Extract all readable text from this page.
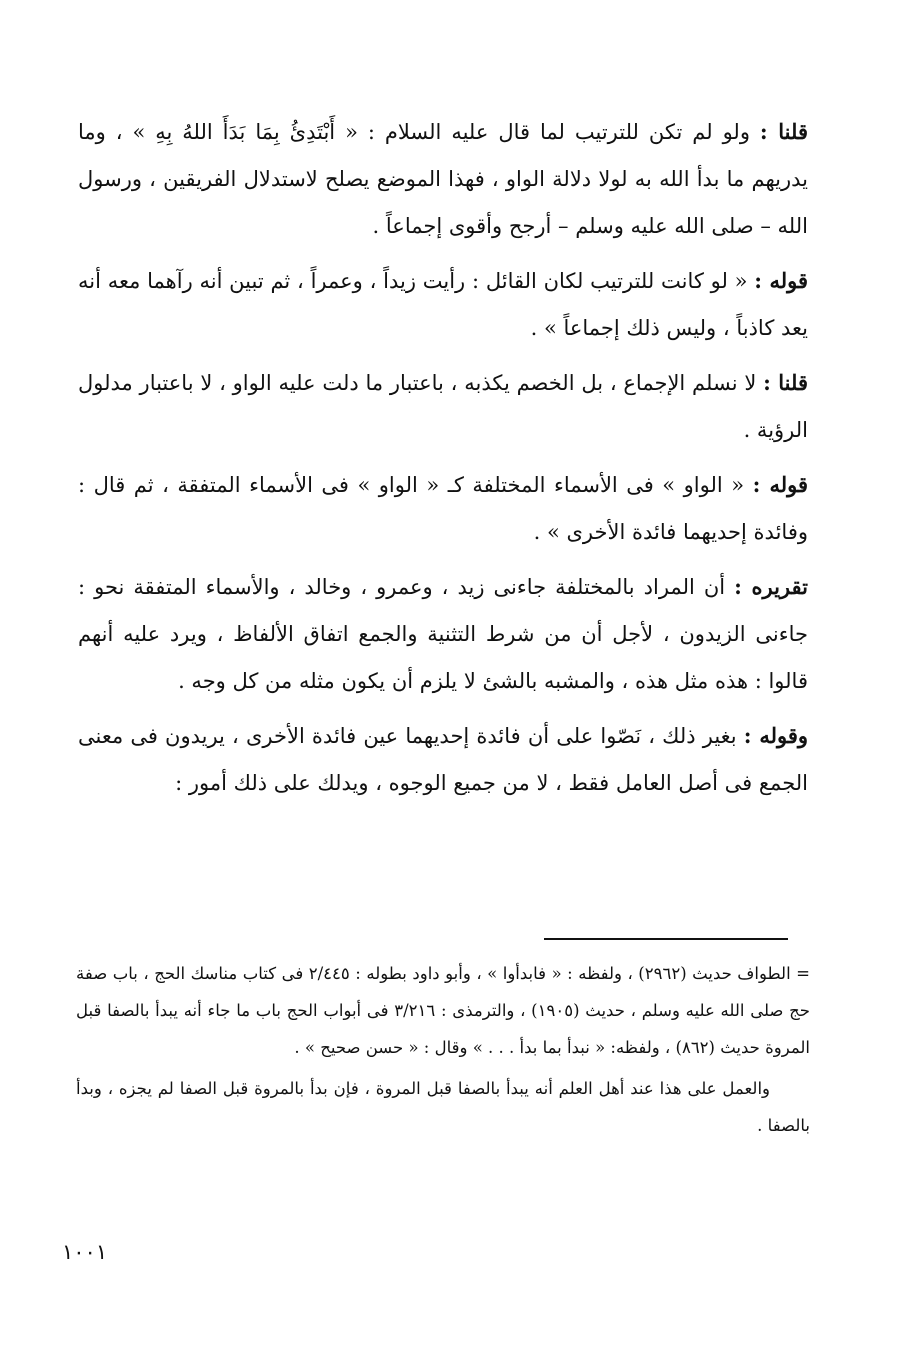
قلنا : ولو لم تكن للترتيب لما قال عليه السلام : « أَبْتَدِئُ بِمَا بَدَأَ اللهُ بِهِ » ، وما يدريهم ما بدأ الله به لولا دلالة الواو ، فهذا الموضع يصلح لاستدلال الفريقين ، ورسول الله – صلى الله عليه وسلم – أرجح وأقوى إجماعاً .

قوله : « لو كانت للترتيب لكان القائل : رأيت زيداً ، وعمراً ، ثم تبين أنه رآهما معه أنه يعد كاذباً ، وليس ذلك إجماعاً » .

قلنا : لا نسلم الإجماع ، بل الخصم يكذبه ، باعتبار ما دلت عليه الواو ، لا باعتبار مدلول الرؤية .

قوله : « الواو » فى الأسماء المختلفة كـ « الواو » فى الأسماء المتفقة ، ثم قال : وفائدة إحديهما فائدة الأخرى » .

تقريره : أن المراد بالمختلفة جاءنى زيد ، وعمرو ، وخالد ، والأسماء المتفقة نحو : جاءنى الزيدون ، لأجل أن من شرط التثنية والجمع اتفاق الألفاظ ، ويرد عليه أنهم قالوا : هذه مثل هذه ، والمشبه بالشئ لا يلزم أن يكون مثله من كل وجه .

وقوله : بغير ذلك ، نَصّوا على أن فائدة إحديهما عين فائدة الأخرى ، يريدون فى معنى الجمع فى أصل العامل فقط ، لا من جميع الوجوه ، ويدلك على ذلك أمور :

= الطواف حديث (٢٩٦٢) ، ولفظه : « فابدأوا » ، وأبو داود بطوله : ٢/٤٤٥ فى كتاب مناسك الحج ، باب صفة حج صلى الله عليه وسلم ، حديث (١٩٠٥) ، والترمذى : ٣/٢١٦ فى أبواب الحج باب ما جاء أنه يبدأ بالصفا قبل المروة حديث (٨٦٢) ، ولفظه: « نبدأ بما بدأ . . . » وقال : « حسن صحيح » .

والعمل على هذا عند أهل العلم أنه يبدأ بالصفا قبل المروة ، فإن بدأ بالمروة قبل الصفا لم يجزه ، وبدأ بالصفا .

١٠٠١
